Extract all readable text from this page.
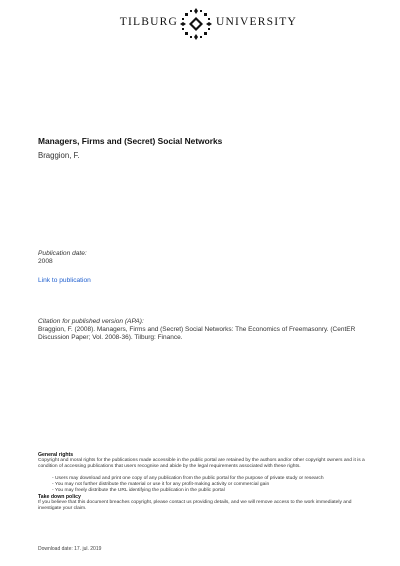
TILBURG	UNIVERSITY
Managers, Firms and (Secret) Social Networks
Braggion, F.
Publication date:
2008
Link to publication
Citation for published version (APA):
Braggion, F. (2008). Managers, Firms and (Secret) Social Networks: The Economics of Freemasonry. (CentER Discussion Paper; Vol. 2008-36). Tilburg: Finance.
General rights
Copyright and moral rights for the publications made accessible in the public portal are retained by the authors and/or other copyright owners and it is a condition of accessing publications that users recognise and abide by the legal requirements associated with these rights.
- Users may download and print one copy of any publication from the public portal for the purpose of private study or research
- You may not further distribute the material or use it for any profit-making activity or commercial gain
- You may freely distribute the URL identifying the publication in the public portal
Take down policy
If you believe that this document breaches copyright, please contact us providing details, and we will remove access to the work immediately and investigate your claim.
Download date: 17. jul. 2019
